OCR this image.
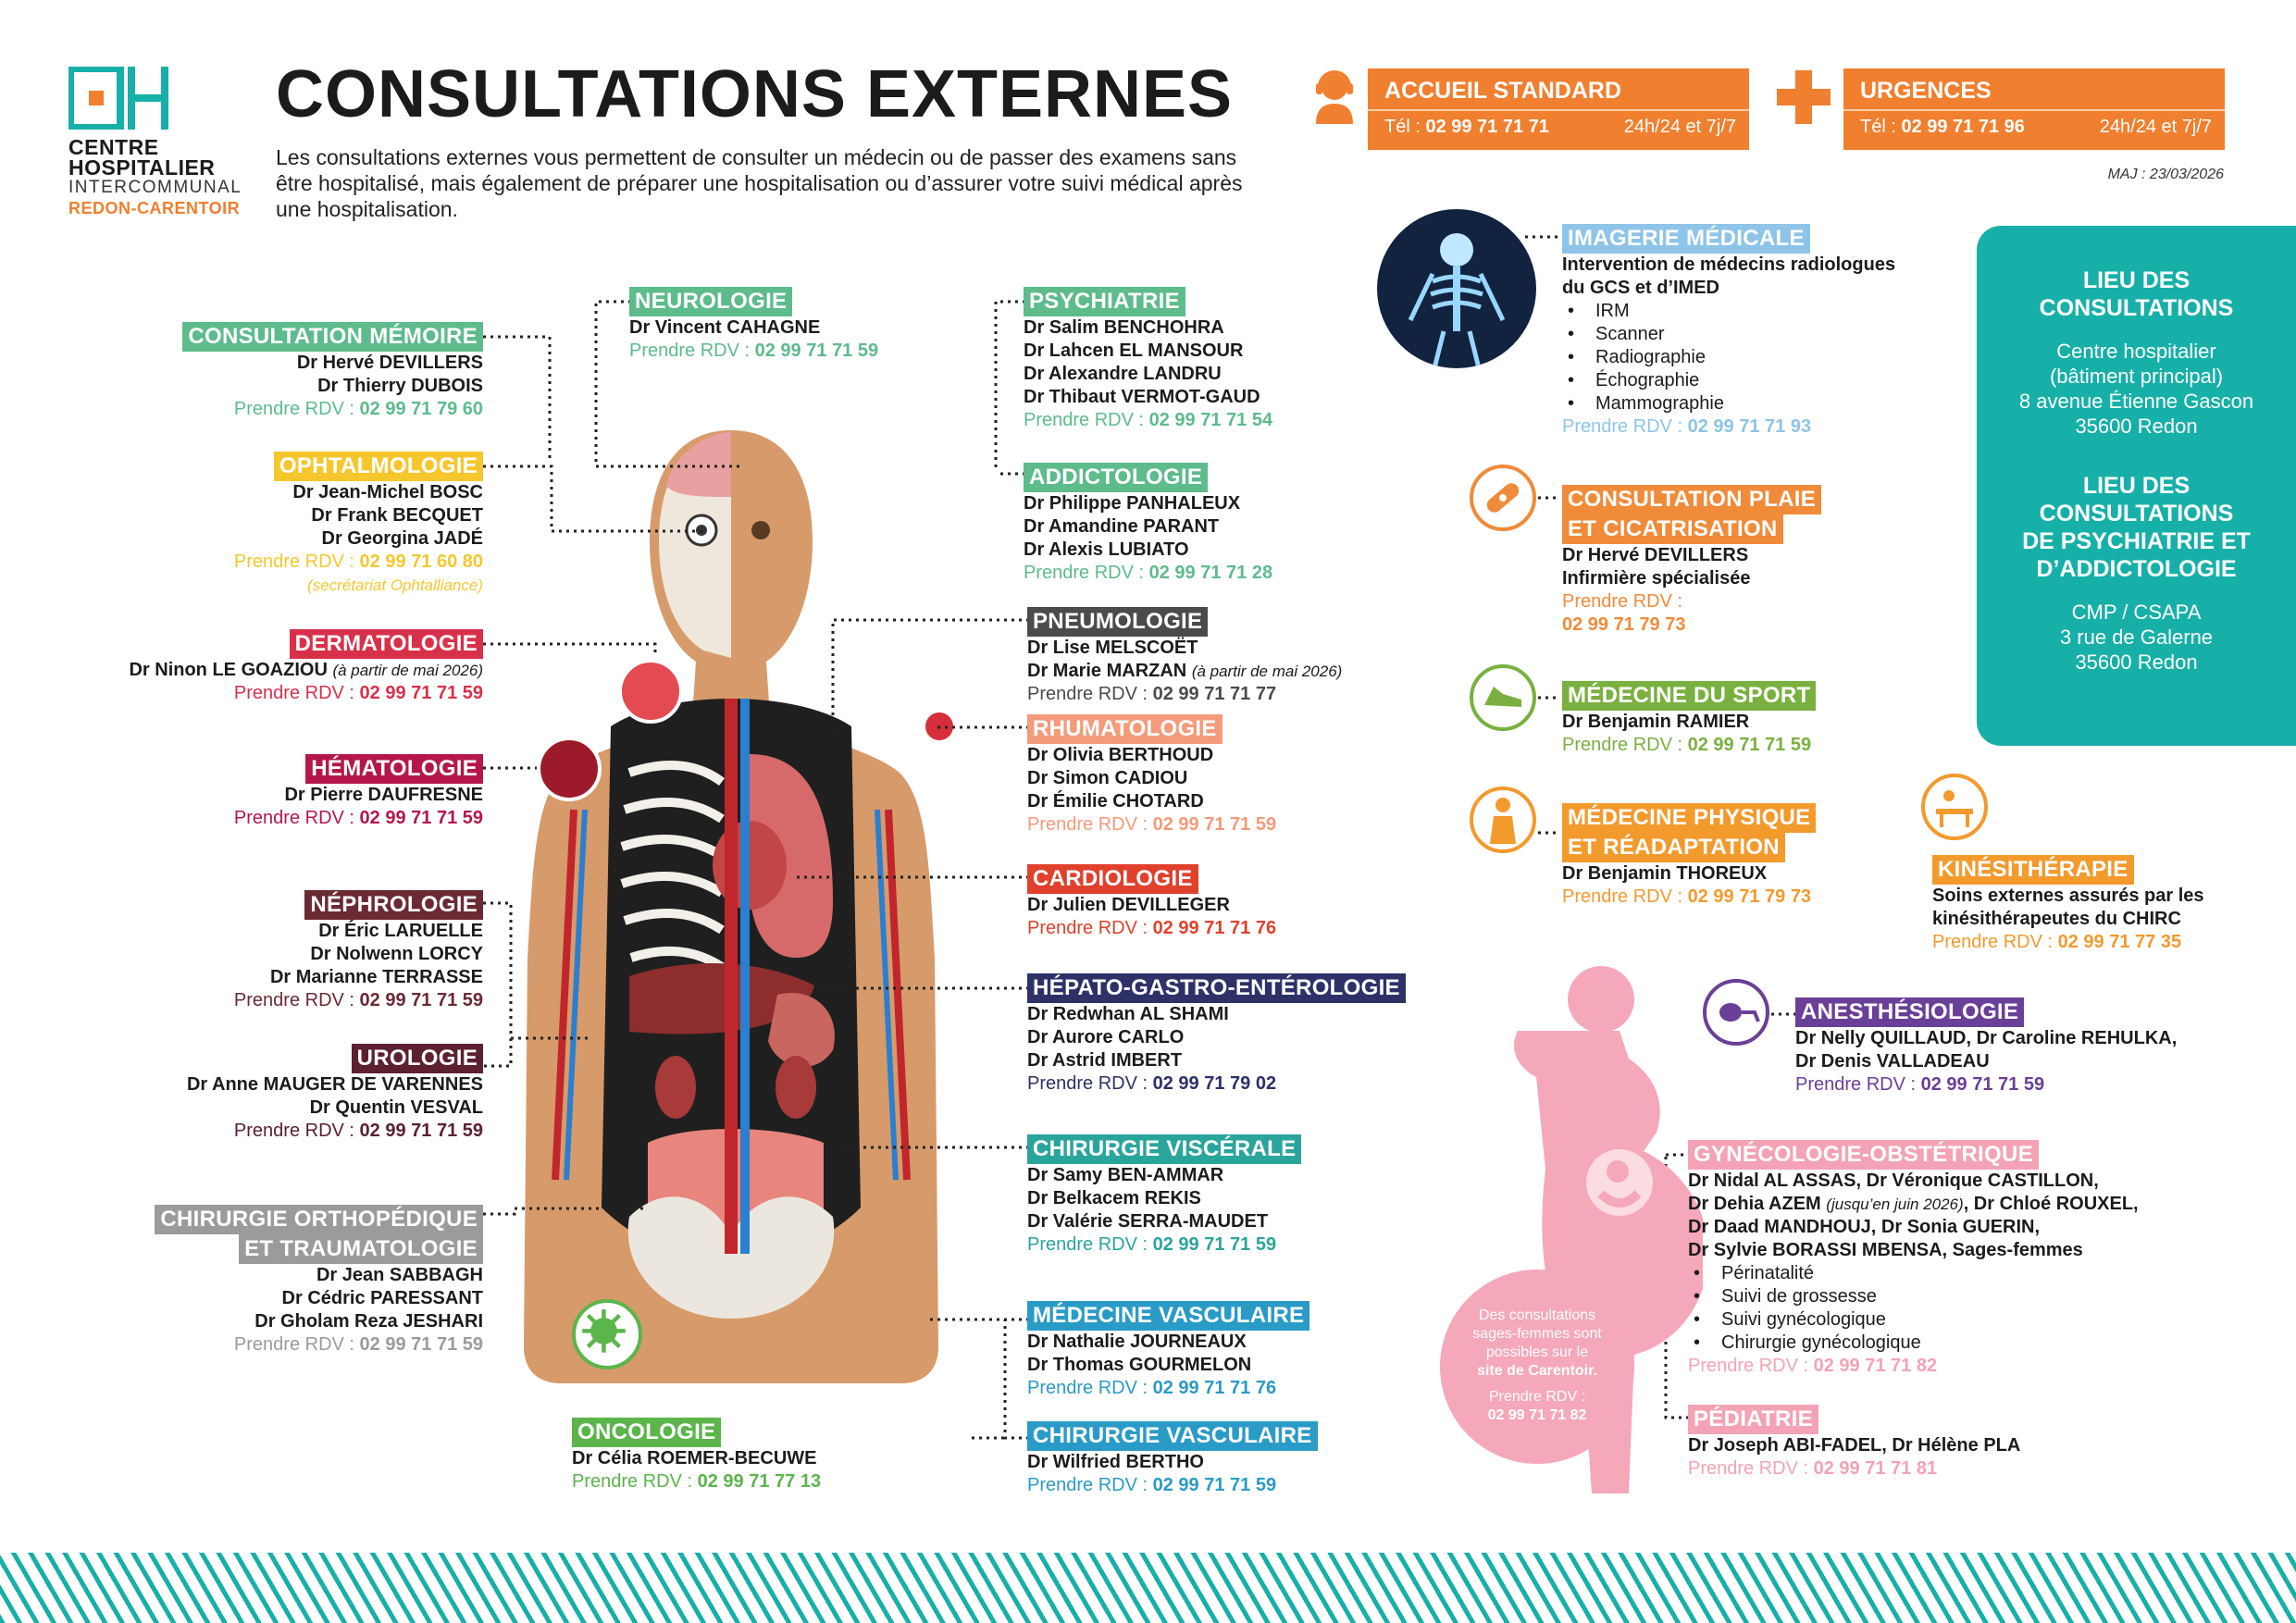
CENTRE
HOSPITALIER
INTERCOMMUNAL
REDON-CARENTOIR
CONSULTATIONS EXTERNES
Les consultations externes vous permettent de consulter un médecin ou de passer des examens sans être hospitalisé, mais également de préparer une hospitalisation ou d’assurer votre suivi médical après une hospitalisation.
ACCUEIL STANDARD
Tél : 02 99 71 71 71	24h/24 et 7j/7
URGENCES
Tél : 02 99 71 71 96	24h/24 et 7j/7
MAJ : 23/03/2026
CONSULTATION MÉMOIRE
Dr Hervé DEVILLERS
Dr Thierry DUBOIS
Prendre RDV : 02 99 71 79 60
OPHTALMOLOGIE
Dr Jean-Michel BOSC
Dr Frank BECQUET
Dr Georgina JADÉ
Prendre RDV : 02 99 71 60 80
(secrétariat Ophtalliance)
DERMATOLOGIE
Dr Ninon LE GOAZIOU (à partir de mai 2026)
Prendre RDV : 02 99 71 71 59
HÉMATOLOGIE
Dr Pierre DAUFRESNE
Prendre RDV : 02 99 71 71 59
NÉPHROLOGIE
Dr Éric LARUELLE
Dr Nolwenn LORCY
Dr Marianne TERRASSE
Prendre RDV : 02 99 71 71 59
UROLOGIE
Dr Anne MAUGER DE VARENNES
Dr Quentin VESVAL
Prendre RDV : 02 99 71 71 59
CHIRURGIE ORTHOPÉDIQUE
ET TRAUMATOLOGIE
Dr Jean SABBAGH
Dr Cédric PARESSANT
Dr Gholam Reza JESHARI
Prendre RDV : 02 99 71 71 59
NEUROLOGIE
Dr Vincent CAHAGNE
Prendre RDV : 02 99 71 71 59
PSYCHIATRIE
Dr Salim BENCHOHRA
Dr Lahcen EL MANSOUR
Dr Alexandre LANDRU
Dr Thibaut VERMOT-GAUD
Prendre RDV : 02 99 71 71 54
ADDICTOLOGIE
Dr Philippe PANHALEUX
Dr Amandine PARANT
Dr Alexis LUBIATO
Prendre RDV : 02 99 71 71 28
PNEUMOLOGIE
Dr Lise MELSCOËT
Dr Marie MARZAN (à partir de mai 2026)
Prendre RDV : 02 99 71 71 77
RHUMATOLOGIE
Dr Olivia BERTHOUD
Dr Simon CADIOU
Dr Émilie CHOTARD
Prendre RDV : 02 99 71 71 59
CARDIOLOGIE
Dr Julien DEVILLEGER
Prendre RDV : 02 99 71 71 76
HÉPATO-GASTRO-ENTÉROLOGIE
Dr Redwhan AL SHAMI
Dr Aurore CARLO
Dr Astrid IMBERT
Prendre RDV : 02 99 71 79 02
CHIRURGIE VISCÉRALE
Dr Samy BEN-AMMAR
Dr Belkacem REKIS
Dr Valérie SERRA-MAUDET
Prendre RDV : 02 99 71 71 59
MÉDECINE VASCULAIRE
Dr Nathalie JOURNEAUX
Dr Thomas GOURMELON
Prendre RDV : 02 99 71 71 76
CHIRURGIE VASCULAIRE
Dr Wilfried BERTHO
Prendre RDV : 02 99 71 71 59
ONCOLOGIE
Dr Célia ROEMER-BECUWE
Prendre RDV : 02 99 71 77 13
IMAGERIE MÉDICALE
Intervention de médecins radiologues
du GCS et d’IMED
• IRM
• Scanner
• Radiographie
• Échographie
• Mammographie
Prendre RDV : 02 99 71 71 93
CONSULTATION PLAIE
ET CICATRISATION
Dr Hervé DEVILLERS
Infirmière spécialisée
Prendre RDV :
02 99 71 79 73
MÉDECINE DU SPORT
Dr Benjamin RAMIER
Prendre RDV : 02 99 71 71 59
MÉDECINE PHYSIQUE
ET RÉADAPTATION
Dr Benjamin THOREUX
Prendre RDV : 02 99 71 79 73
KINÉSITHÉRAPIE
Soins externes assurés par les
kinésithérapeutes du CHIRC
Prendre RDV : 02 99 71 77 35
LIEU DES
CONSULTATIONS
Centre hospitalier
(bâtiment principal)
8 avenue Étienne Gascon
35600 Redon
LIEU DES
CONSULTATIONS
DE PSYCHIATRIE ET
D’ADDICTOLOGIE
CMP / CSAPA
3 rue de Galerne
35600 Redon
Des consultations
sages-femmes sont
possibles sur le
site de Carentoir.
Prendre RDV :
02 99 71 71 82
ANESTHÉSIOLOGIE
Dr Nelly QUILLAUD, Dr Caroline REHULKA,
Dr Denis VALLADEAU
Prendre RDV : 02 99 71 71 59
GYNÉCOLOGIE-OBSTÉTRIQUE
Dr Nidal AL ASSAS, Dr Véronique CASTILLON,
Dr Dehia AZEM (jusqu’en juin 2026), Dr Chloé ROUXEL,
Dr Daad MANDHOUJ, Dr Sonia GUERIN,
Dr Sylvie BORASSI MBENSA, Sages-femmes
• Périnatalité
• Suivi de grossesse
• Suivi gynécologique
• Chirurgie gynécologique
Prendre RDV : 02 99 71 71 82
PÉDIATRIE
Dr Joseph ABI-FADEL, Dr Hélène PLA
Prendre RDV : 02 99 71 71 81
